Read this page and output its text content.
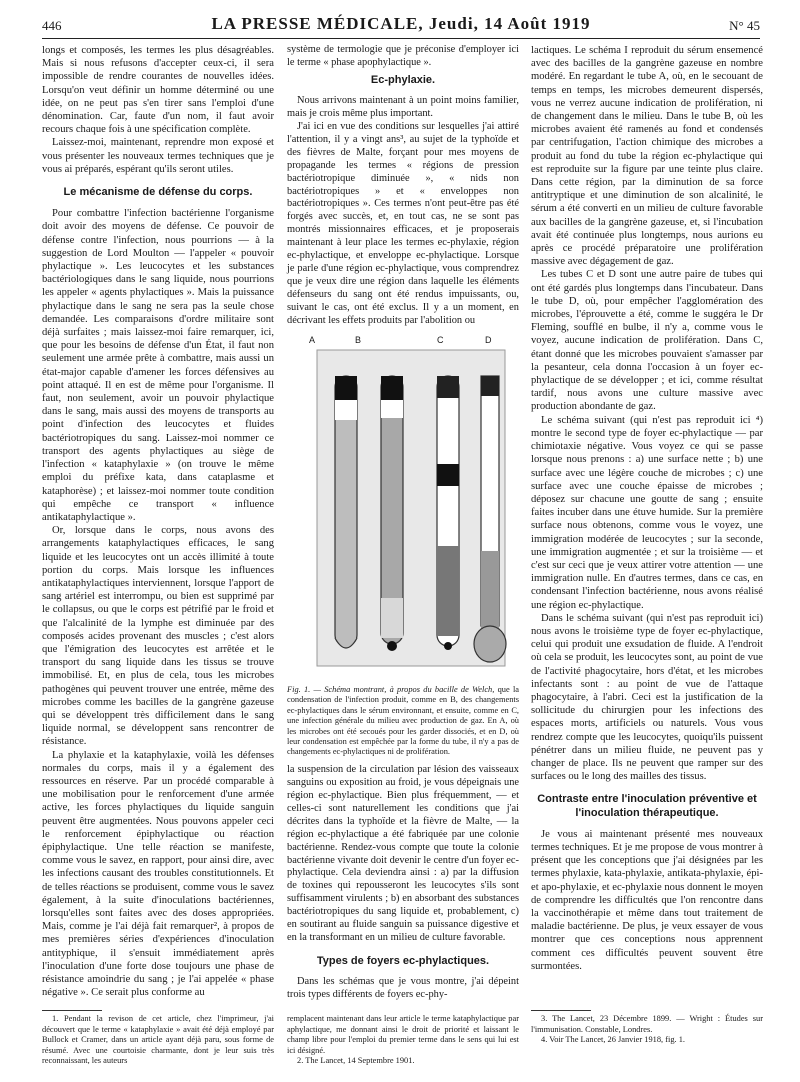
446	LA PRESSE MÉDICALE, Jeudi, 14 Août 1919	N° 45

longs et composés, les termes les plus désagréables. Mais si nous refusons d'accepter ceux-ci, il sera impossible de rendre courantes de nouvelles idées. Lorsqu'on veut définir un homme déterminé ou une idée, on ne peut pas s'en tirer sans l'emploi d'une dénomination. Car, faute d'un nom, il faut avoir recours chaque fois à une spécification complète.

Laissez-moi, maintenant, reprendre mon exposé et vous présenter les nouveaux termes techniques que je vous ai préparés, espérant qu'ils seront utiles.

Le mécanisme de défense du corps.

Pour combattre l'infection bactérienne l'organisme doit avoir des moyens de défense. Ce pouvoir de défense contre l'infection, nous pourrions — à la suggestion de Lord Moulton — l'appeler « pouvoir phylactique ». Les leucocytes et les substances bactériologiques dans le sang liquide, nous pourrions les appeler « agents phylactiques ». Mais la puissance phylactique dans le sang ne sera pas la seule chose demandée. Les comparaisons d'ordre militaire sont déjà surfaites ; mais laissez-moi faire remarquer, ici, que pour les besoins de défense d'un État, il faut non seulement une armée prête à combattre, mais aussi un état-major capable d'amener les forces défensives au point attaqué. Il en est de même pour l'organisme. Il faut, non seulement, avoir un pouvoir phylactique dans le sang, mais aussi des moyens de transports au point d'infection des leucocytes et fluides bactériotropiques du sang. Laissez-moi nommer ce transport des agents phylactiques au siège de l'infection « kataphylaxie » (on trouve le même emploi du préfixe kata, dans cataplasme et kataphorèse) ; et laissez-moi nommer toute condition qui empêche ce transport « influence antikataphylactique ».

Or, lorsque dans le corps, nous avons des arrangements kataphylactiques efficaces, le sang liquide et les leucocytes ont un accès illimité à toute portion du corps. Mais lorsque les influences antikataphylactiques interviennent, lorsque l'apport de sang artériel est interrompu, ou bien est supprimé par le collapsus, ou que le corps est pétrifié par le froid et que l'alcalinité de la lymphe est diminuée par des composés acides provenant des muscles ; c'est alors que l'émigration des leucocytes est arrêtée et le transport du sang liquide dans les tissus se trouve immobilisé. Et, en plus de cela, tous les microbes pathogènes qui peuvent trouver une entrée, même des microbes comme les bacilles de la gangrène gazeuse qui se développent très difficilement dans le sang liquide normal, se développent sans rencontrer de résistance.

La phylaxie et la kataphylaxie, voilà les défenses normales du corps, mais il y a également des ressources en réserve. Par un procédé comparable à une mobilisation pour le renforcement d'une armée active, les forces phylactiques du liquide sanguin peuvent être augmentées. Nous pouvons appeler ceci le renforcement épiphylactique ou réaction épiphylactique. Une telle réaction se manifeste, comme vous le savez, en rapport, pour ainsi dire, avec les infections causant des troubles constitutionnels. Et de telles réactions se produisent, comme vous le savez également, à la suite d'inoculations bactériennes, lorsqu'elles sont faites avec des doses appropriées. Mais, comme je l'ai déjà fait remarquer², à propos de mes premières séries d'expériences d'inoculation antityphique, il s'ensuit immédiatement après l'inoculation d'une forte dose toujours une phase de résistance amoindrie du sang ; je l'ai appelée « phase négative ». Ce serait plus conforme au

système de termologie que je préconise d'employer ici le terme « phase apophylactique ».

Ec-phylaxie.

Nous arrivons maintenant à un point moins familier, mais je crois même plus important.

J'ai ici en vue des conditions sur lesquelles j'ai attiré l'attention, il y a vingt ans³, au sujet de la typhoïde et des fièvres de Malte, forçant pour mes moyens de propagande les termes « régions de pression bactériotropique diminuée », « nids non bactériotropiques » et « enveloppes non bactériotropiques ». Ces termes n'ont peut-être pas été forgés avec succès, et, en tout cas, ne se sont pas montrés missionnaires efficaces, et je proposerais maintenant à leur place les termes ec-phylaxie, région ec-phylactique, et enveloppe ec-phylactique. Lorsque je parle d'une région ec-phylactique, vous comprendrez que je veux dire une région dans laquelle les éléments défenseurs du sang ont été rendus impuissants, ou, suivant le cas, ont été exclus. Il y a un moment, en décrivant les effets produits par l'abolition ou

A	B	C	D
Fig. 1. — Schéma montrant, à propos du bacille de Welch, que la condensation de l'infection produit, comme en B, des changements ec-phylactiques dans le sérum environnant, et ensuite, comme en C, une infection générale du milieu avec production de gaz. En A, où les microbes ont été secoués pour les garder dissociés, et en D, où leur condensation est empêchée par la forme du tube, il n'y a pas de changements ec-phylactiques ni de prolifération.

la suspension de la circulation par lésion des vaisseaux sanguins ou exposition au froid, je vous dépeignais une région ec-phylactique. Bien plus fréquemment, — et celles-ci sont naturellement les conditions que j'ai décrites dans la typhoïde et la fièvre de Malte, — la région ec-phylactique a été fabriquée par une colonie bactérienne. Rendez-vous compte que toute la colonie bactérienne vivante doit devenir le centre d'un foyer ec-phylactique. Cela deviendra ainsi : a) par la diffusion de toxines qui repousseront les leucocytes s'ils sont suffisamment virulents ; b) en absorbant des substances bactériotropiques du sang liquide et, probablement, c) en soutirant au fluide sanguin sa puissance digestive et en la transformant en un milieu de culture favorable.

Types de foyers ec-phylactiques.

Dans les schémas que je vous montre, j'ai dépeint trois types différents de foyers ec-phy-

lactiques. Le schéma I reproduit du sérum ensemencé avec des bacilles de la gangrène gazeuse en nombre modéré. En regardant le tube A, où, en le secouant de temps en temps, les microbes demeurent dispersés, vous ne verrez aucune indication de prolifération, ni de changement dans le milieu. Dans le tube B, où les microbes avaient été ramenés au fond et condensés par centrifugation, l'action chimique des microbes a produit au fond du tube la région ec-phylactique qui est reproduite sur la figure par une teinte plus claire. Dans cette région, par la diminution de sa force antitryptique et une diminution de son alcalinité, le sérum a été converti en un milieu de culture favorable aux bacilles de la gangrène gazeuse, et, si l'incubation avait été continuée plus longtemps, nous aurions eu après ce procédé préparatoire une prolifération massive avec dégagement de gaz.

Les tubes C et D sont une autre paire de tubes qui ont été gardés plus longtemps dans l'incubateur. Dans le tube D, où, pour empêcher l'agglomération des microbes, l'éprouvette a été, comme le suggéra le Dr Fleming, soufflé en bulbe, il n'y a, comme vous le voyez, aucune indication de prolifération. Dans C, étant donné que les microbes pouvaient s'amasser par la pesanteur, cela donna l'occasion à un foyer ec-phylactique de se développer ; et ici, comme résultat tardif, nous avons une culture massive avec production abondante de gaz.

Le schéma suivant (qui n'est pas reproduit ici ⁴) montre le second type de foyer ec-phylactique — par chimiotaxie négative. Vous voyez ce qui se passe lorsque nous prenons : a) une surface nette ; b) une surface avec une légère couche de microbes ; c) une surface avec une couche épaisse de microbes ; déposez sur chacune une goutte de sang ; ensuite faites incuber dans une étuve humide. Sur la première surface nous obtenons, comme vous le voyez, une immigration modérée de leucocytes ; sur la seconde, une immigration augmentée ; et sur la troisième — et c'est sur ceci que je veux attirer votre attention — une immigration nulle. En d'autres termes, dans ce cas, en condensant l'infection bactérienne, nous avons réalisé une région ec-phylactique.

Dans le schéma suivant (qui n'est pas reproduit ici) nous avons le troisième type de foyer ec-phylactique, celui qui produit une exsudation de fluide. A l'endroit où cela se produit, les leucocytes sont, au point de vue de l'activité phagocytaire, hors d'état, et les microbes infectants sont : au point de vue de l'attaque phagocytaire, à l'abri. Ceci est la justification de la sollicitude du chirurgien pour les infections des espaces morts, artificiels ou naturels. Vous vous rendrez compte que les leucocytes, quoiqu'ils puissent pénétrer dans un milieu fluide, ne peuvent pas y changer de place. Ils ne peuvent que ramper sur des surfaces ou le long des mailles des tissus.

Contraste entre l'inoculation préventive et l'inoculation thérapeutique.

Je vous ai maintenant présenté mes nouveaux termes techniques. Et je me propose de vous montrer à présent que les conceptions que j'ai désignées par les termes phylaxie, kata-phylaxie, antikata-phylaxie, épi- et apo-phylaxie, et ec-phylaxie nous donnent le moyen de comprendre les difficultés que l'on rencontre dans la vaccinothérapie et même dans tout traitement de maladie bactérienne. De plus, je veux essayer de vous montrer que ces conceptions nous apprennent comment ces difficultés peuvent souvent être surmontées.

1. Pendant la revison de cet article, chez l'imprimeur, j'ai découvert que le terme « kataphylaxie » avait été déjà employé par Bullock et Cramer, dans un article ayant déjà paru, sous forme de résumé. Avec une courtoisie charmante, dont je leur suis très reconnaissant, les auteurs

remplacent maintenant dans leur article le terme kataphylactique par aphylactique, me donnant ainsi le droit de priorité et laissant le champ libre pour l'emploi du premier terme dans le sens qui lui est ici désigné.

2. The Lancet, 14 Septembre 1901.

3. The Lancet, 23 Décembre 1899. — Wright : Études sur l'immunisation. Constable, Londres.

4. Voir The Lancet, 26 Janvier 1918, fig. 1.
